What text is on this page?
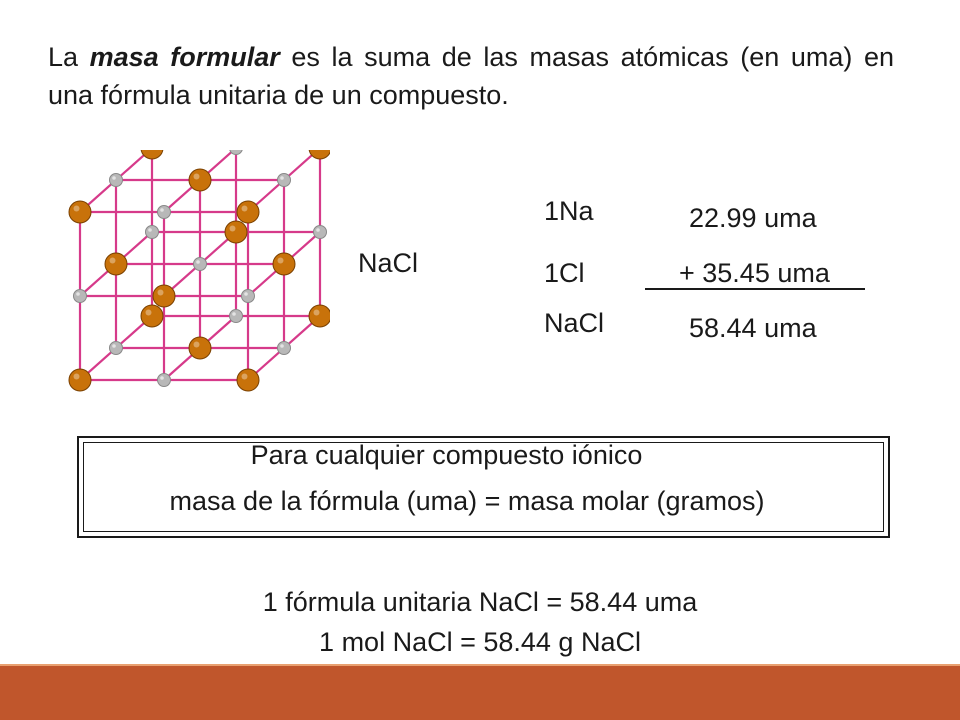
La masa formular es la suma de las masas atómicas (en uma) en una fórmula unitaria de un compuesto.
NaCl
1Na	22.99 uma
1Cl	+ 35.45 uma
NaCl	58.44 uma
Para cualquier compuesto iónico
masa de la fórmula (uma) = masa molar (gramos)
1 fórmula unitaria NaCl = 58.44 uma
1 mol NaCl = 58.44 g NaCl
